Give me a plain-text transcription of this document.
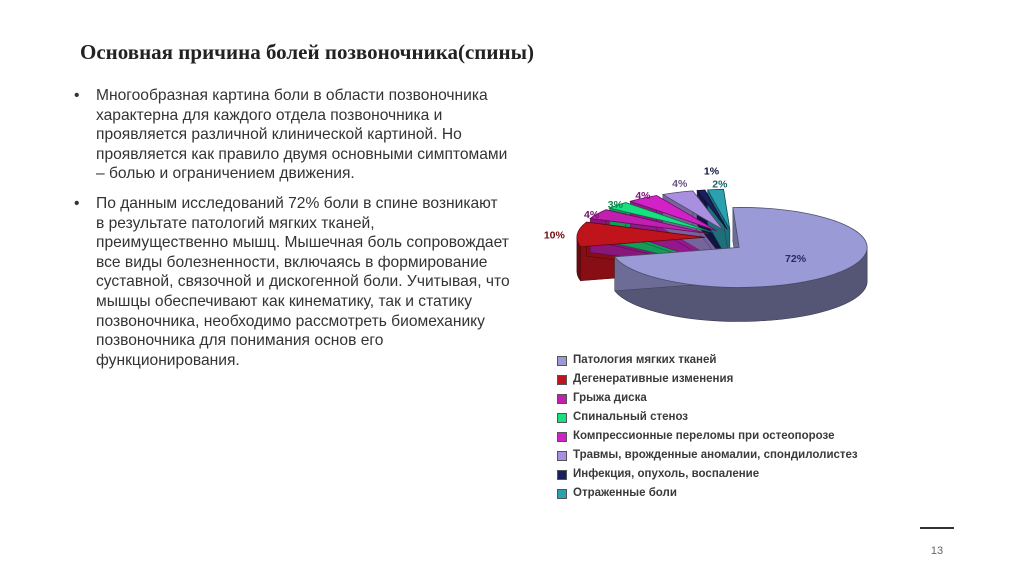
Основная причина болей позвоночника(спины)
• Многообразная картина боли в области позвоночника характерна для каждого отдела позвоночника и проявляется различной клинической картиной. Но проявляется как правило двумя основными симптомами – болью и ограничением движения.
• По данным исследований 72% боли в спине возникают в результате патологий мягких тканей, преимущественно мышц. Мышечная боль сопровождает все виды болезненности, включаясь в формирование суставной, связочной и дискогенной боли. Учитывая, что мышцы обеспечивают как кинематику, так и статику позвоночника, необходимо рассмотреть биомеханику позвоночника для понимания основ его функционирования.
72%
10%
4%
3%
4%
4%
1%
2%
Патология мягких тканей
Дегенеративные изменения
Грыжа диска
Спинальный стеноз
Компрессионные переломы при остеопорозе
Травмы, врожденные аномалии, спондилолистез
Инфекция, опухоль, воспаление
Отраженные боли
13
